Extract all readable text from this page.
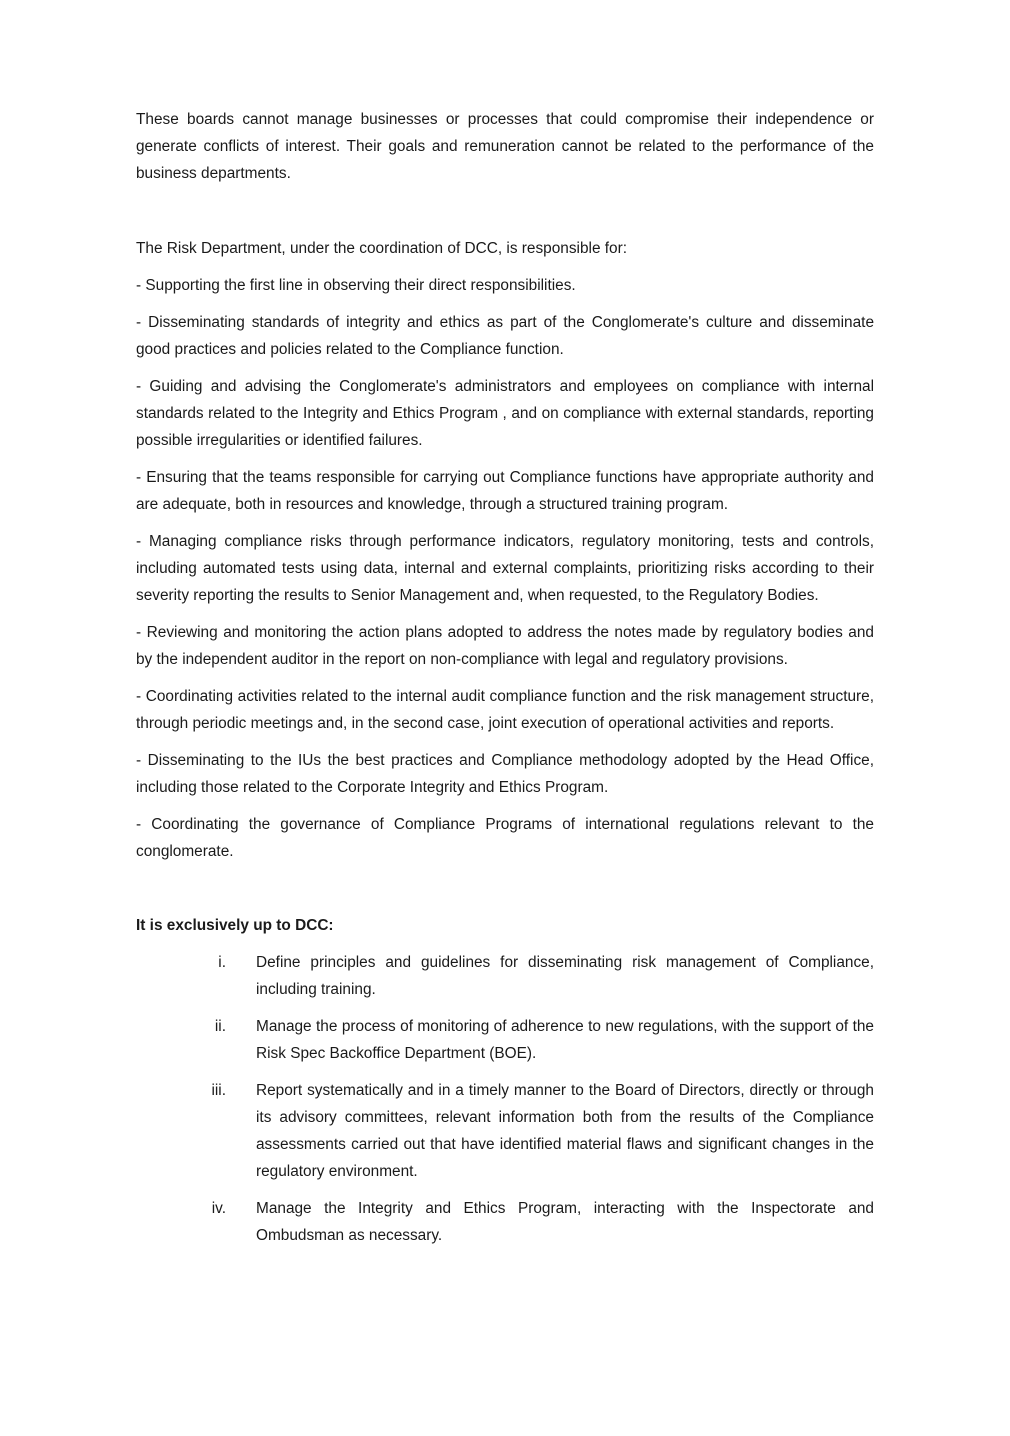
These boards cannot manage businesses or processes that could compromise their independence or generate conflicts of interest. Their goals and remuneration cannot be related to the performance of the business departments.

The Risk Department, under the coordination of DCC, is responsible for:

- Supporting the first line in observing their direct responsibilities.

- Disseminating standards of integrity and ethics as part of the Conglomerate's culture and disseminate good practices and policies related to the Compliance function.

- Guiding and advising the Conglomerate's administrators and employees on compliance with internal standards related to the Integrity and Ethics Program , and on compliance with external standards, reporting possible irregularities or identified failures.

- Ensuring that the teams responsible for carrying out Compliance functions have appropriate authority and are adequate, both in resources and knowledge, through a structured training program.

- Managing compliance risks through performance indicators, regulatory monitoring, tests and controls, including automated tests using data, internal and external complaints, prioritizing risks according to their severity reporting the results to Senior Management and, when requested, to the Regulatory Bodies.

- Reviewing and monitoring the action plans adopted to address the notes made by regulatory bodies and by the independent auditor in the report on non-compliance with legal and regulatory provisions.

- Coordinating activities related to the internal audit compliance function and the risk management structure, through periodic meetings and, in the second case, joint execution of operational activities and reports.

- Disseminating to the IUs the best practices and Compliance methodology adopted by the Head Office, including those related to the Corporate Integrity and Ethics Program.

- Coordinating the governance of Compliance Programs of international regulations relevant to the conglomerate.

It is exclusively up to DCC:

i. Define principles and guidelines for disseminating risk management of Compliance, including training.
ii. Manage the process of monitoring of adherence to new regulations, with the support of the Risk Spec Backoffice Department (BOE).
iii. Report systematically and in a timely manner to the Board of Directors, directly or through its advisory committees, relevant information both from the results of the Compliance assessments carried out that have identified material flaws and significant changes in the regulatory environment.
iv. Manage the Integrity and Ethics Program, interacting with the Inspectorate and Ombudsman as necessary.
